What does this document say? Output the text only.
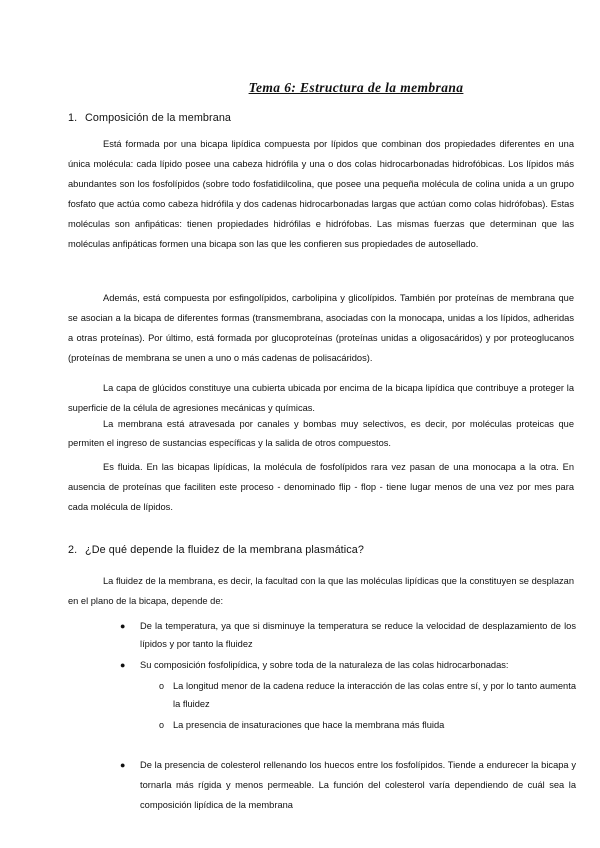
Tema 6: Estructura de la membrana
1. Composición de la membrana

Está formada por una bicapa lipídica compuesta por lípidos que combinan dos propiedades diferentes en una única molécula: cada lípido posee una cabeza hidrófila y una o dos colas hidrocarbonadas hidrofóbicas. Los lípidos más abundantes son los fosfolípidos (sobre todo fosfatidilcolina, que posee una pequeña molécula de colina unida a un grupo fosfato que actúa como cabeza hidrófila y dos cadenas hidrocarbonadas largas que actúan como colas hidrófobas). Estas moléculas son anfipáticas: tienen propiedades hidrófilas e hidrófobas. Las mismas fuerzas que determinan que las moléculas anfipáticas formen una bicapa son las que les confieren sus propiedades de autosellado.

Además, está compuesta por esfingolípidos, carbolipina y glicolípidos. También por proteínas de membrana que se asocian a la bicapa de diferentes formas (transmembrana, asociadas con la monocapa, unidas a los lípidos, adheridas a otras proteínas). Por último, está formada por glucoproteínas (proteínas unidas a oligosacáridos) y por proteoglucanos (proteínas de membrana se unen a uno o más cadenas de polisacáridos).

La capa de glúcidos constituye una cubierta ubicada por encima de la bicapa lipídica que contribuye a proteger la superficie de la célula de agresiones mecánicas y químicas.

La membrana está atravesada por canales y bombas muy selectivos, es decir, por moléculas proteicas que permiten el ingreso de sustancias específicas y la salida de otros compuestos.

Es fluida. En las bicapas lipídicas, la molécula de fosfolípidos rara vez pasan de una monocapa a la otra. En ausencia de proteínas que faciliten este proceso - denominado flip - flop - tiene lugar menos de una vez por mes para cada molécula de lípidos.

2. ¿De qué depende la fluidez de la membrana plasmática?

La fluidez de la membrana, es decir, la facultad con la que las moléculas lipídicas que la constituyen se desplazan en el plano de la bicapa, depende de:

● De la temperatura, ya que si disminuye la temperatura se reduce la velocidad de desplazamiento de los lípidos y por tanto la fluidez
● Su composición fosfolipídica, y sobre toda de la naturaleza de las colas hidrocarbonadas:
o La longitud menor de la cadena reduce la interacción de las colas entre sí, y por lo tanto aumenta la fluidez
o La presencia de insaturaciones que hace la membrana más fluida
● De la presencia de colesterol rellenando los huecos entre los fosfolípidos. Tiende a endurecer la bicapa y tornarla más rígida y menos permeable. La función del colesterol varía dependiendo de cuál sea la composición lipídica de la membrana
